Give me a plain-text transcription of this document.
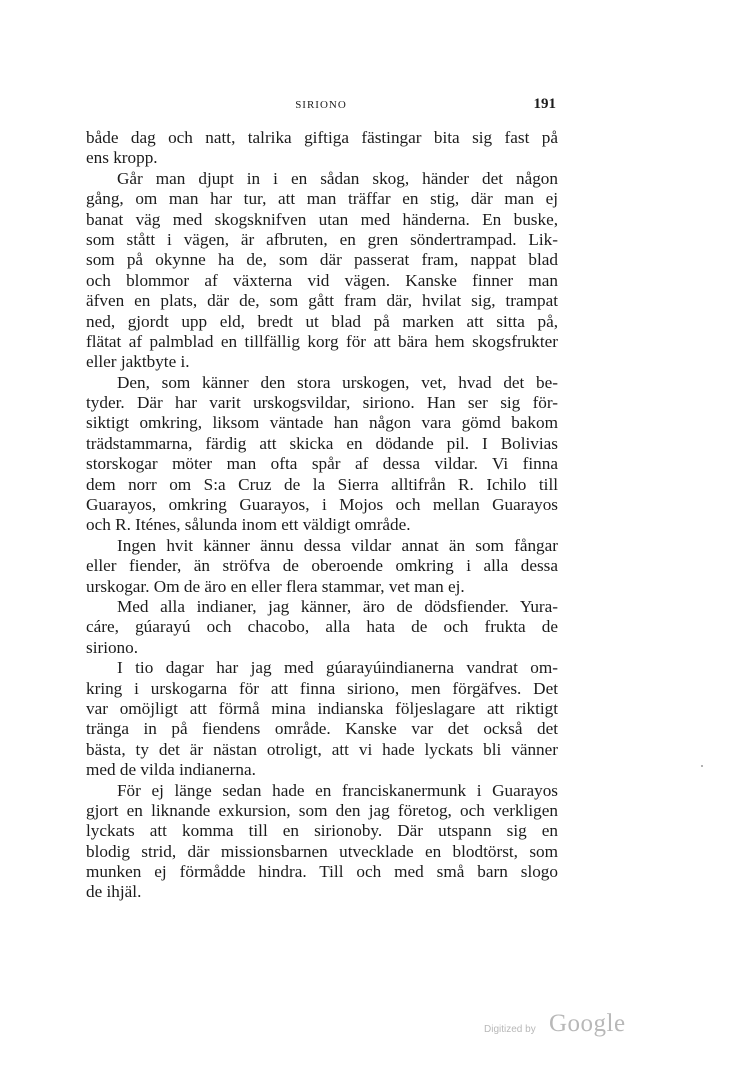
SIRIONO	191
både dag och natt, talrika giftiga fästingar bita sig fast på
ens kropp.
Går man djupt in i en sådan skog, händer det någon
gång, om man har tur, att man träffar en stig, där man ej
banat väg med skogsknifven utan med händerna. En buske,
som stått i vägen, är afbruten, en gren söndertrampad. Lik-
som på okynne ha de, som där passerat fram, nappat blad
och blommor af växterna vid vägen. Kanske finner man
äfven en plats, där de, som gått fram där, hvilat sig, trampat
ned, gjordt upp eld, bredt ut blad på marken att sitta på,
flätat af palmblad en tillfällig korg för att bära hem skogsfrukter
eller jaktbyte i.
Den, som känner den stora urskogen, vet, hvad det be-
tyder. Där har varit urskogsvildar, siriono. Han ser sig för-
siktigt omkring, liksom väntade han någon vara gömd bakom
trädstammarna, färdig att skicka en dödande pil. I Bolivias
storskogar möter man ofta spår af dessa vildar. Vi finna
dem norr om S:a Cruz de la Sierra alltifrån R. Ichilo till
Guarayos, omkring Guarayos, i Mojos och mellan Guarayos
och R. Iténes, sålunda inom ett väldigt område.
Ingen hvit känner ännu dessa vildar annat än som fångar
eller fiender, än ströfva de oberoende omkring i alla dessa
urskogar. Om de äro en eller flera stammar, vet man ej.
Med alla indianer, jag känner, äro de dödsfiender. Yura-
cáre, gúarayú och chacobo, alla hata de och frukta de
siriono.
I tio dagar har jag med gúarayúindianerna vandrat om-
kring i urskogarna för att finna siriono, men förgäfves. Det
var omöjligt att förmå mina indianska följeslagare att riktigt
tränga in på fiendens område. Kanske var det också det
bästa, ty det är nästan otroligt, att vi hade lyckats bli vänner
med de vilda indianerna.
För ej länge sedan hade en franciskanermunk i Guarayos
gjort en liknande exkursion, som den jag företog, och verkligen
lyckats att komma till en sirionoby. Där utspann sig en
blodig strid, där missionsbarnen utvecklade en blodtörst, som
munken ej förmådde hindra. Till och med små barn slogo
de ihjäl.
Digitized by Google
